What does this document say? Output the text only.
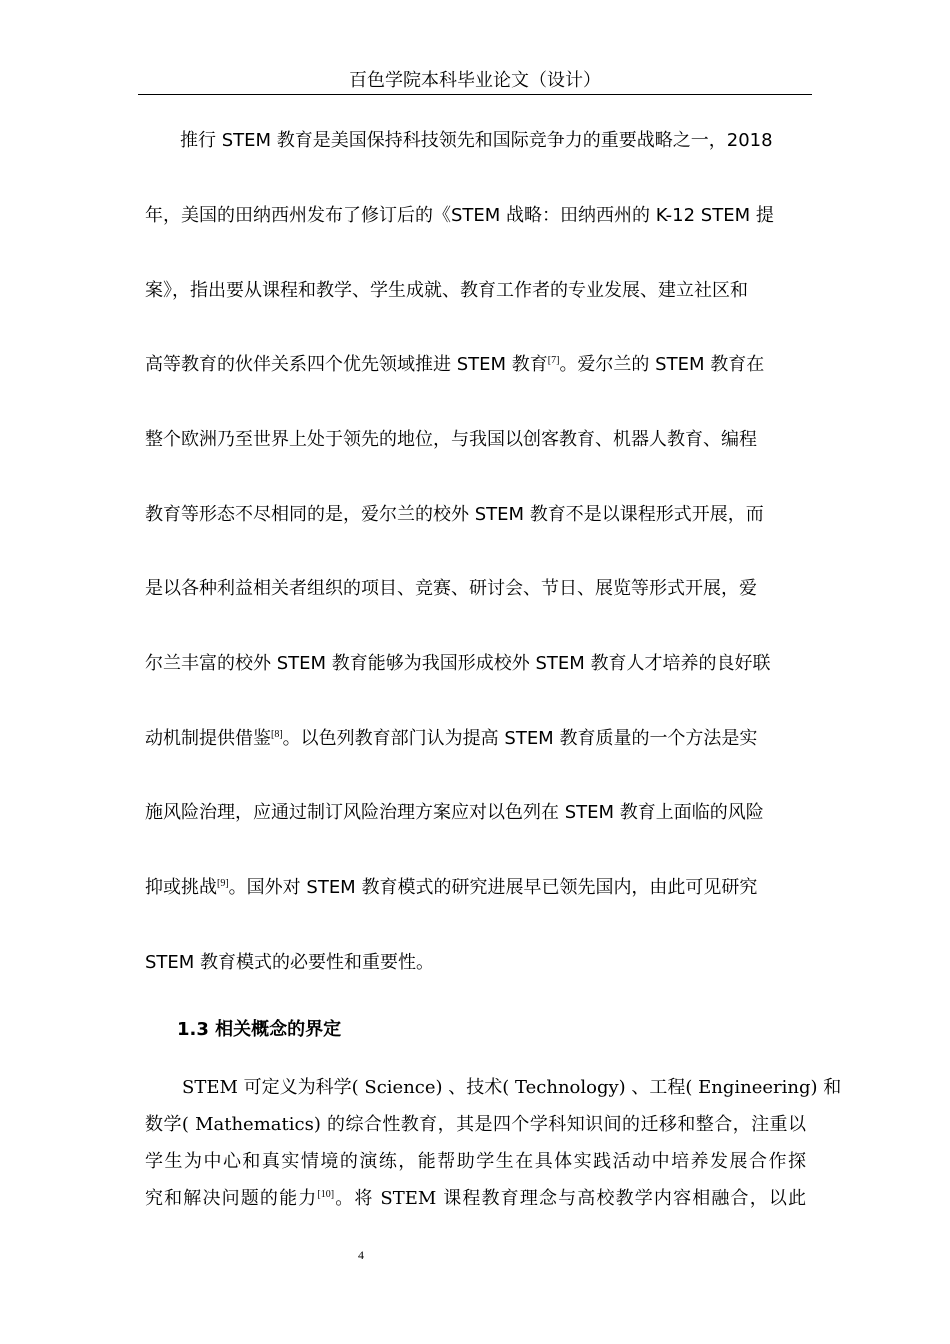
百色学院本科毕业论文（设计）
推行 STEM 教育是美国保持科技领先和国际竞争力的重要战略之一，2018
年，美国的田纳西州发布了修订后的《STEM 战略：田纳西州的 K-12 STEM 提
案》，指出要从课程和教学、学生成就、教育工作者的专业发展、建立社区和
高等教育的伙伴关系四个优先领域推进 STEM 教育[7]。爱尔兰的 STEM 教育在
整个欧洲乃至世界上处于领先的地位，与我国以创客教育、机器人教育、编程
教育等形态不尽相同的是，爱尔兰的校外 STEM 教育不是以课程形式开展，而
是以各种利益相关者组织的项目、竞赛、研讨会、节日、展览等形式开展，爱
尔兰丰富的校外 STEM 教育能够为我国形成校外 STEM 教育人才培养的良好联
动机制提供借鉴[8]。以色列教育部门认为提高 STEM 教育质量的一个方法是实
施风险治理，应通过制订风险治理方案应对以色列在 STEM 教育上面临的风险
抑或挑战[9]。国外对 STEM 教育模式的研究进展早已领先国内，由此可见研究
STEM 教育模式的必要性和重要性。
1.3 相关概念的界定
STEM 可定义为科学( Science) 、技术( Technology) 、工程( Engineering) 和
数学( Mathematics) 的综合性教育，其是四个学科知识间的迁移和整合，注重以
学生为中心和真实情境的演练，能帮助学生在具体实践活动中培养发展合作探
究和解决问题的能力[10]。将 STEM 课程教育理念与高校教学内容相融合，以此
4
